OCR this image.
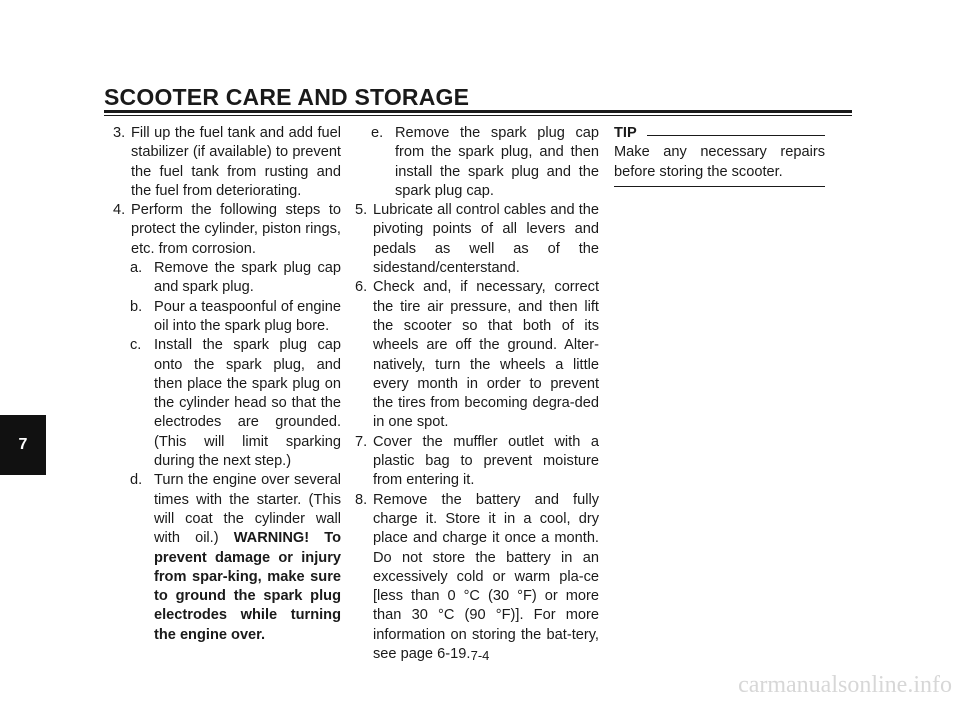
SCOOTER CARE AND STORAGE
7
3. Fill up the fuel tank and add fuel stabilizer (if available) to prevent the fuel tank from rusting and the fuel from deteriorating.
4. Perform the following steps to protect the cylinder, piston rings, etc. from corrosion.
a. Remove the spark plug cap and spark plug.
b. Pour a teaspoonful of engine oil into the spark plug bore.
c. Install the spark plug cap onto the spark plug, and then place the spark plug on the cylinder head so that the electrodes are grounded. (This will limit sparking during the next step.)
d. Turn the engine over several times with the starter. (This will coat the cylinder wall with oil.) WARNING! To prevent damage or injury from spar-king, make sure to ground the spark plug electrodes while turning the engine over.
e. Remove the spark plug cap from the spark plug, and then install the spark plug and the spark plug cap.
5. Lubricate all control cables and the pivoting points of all levers and pedals as well as of the sidestand/centerstand.
6. Check and, if necessary, correct the tire air pressure, and then lift the scooter so that both of its wheels are off the ground. Alter-natively, turn the wheels a little every month in order to prevent the tires from becoming degra-ded in one spot.
7. Cover the muffler outlet with a plastic bag to prevent moisture from entering it.
8. Remove the battery and fully charge it. Store it in a cool, dry place and charge it once a month. Do not store the battery in an excessively cold or warm pla-ce [less than 0 °C (30 °F) or more than 30 °C (90 °F)]. For more information on storing the bat-tery, see page 6-19.
TIP
Make any necessary repairs before storing the scooter.
7-4
carmanualsonline.info
